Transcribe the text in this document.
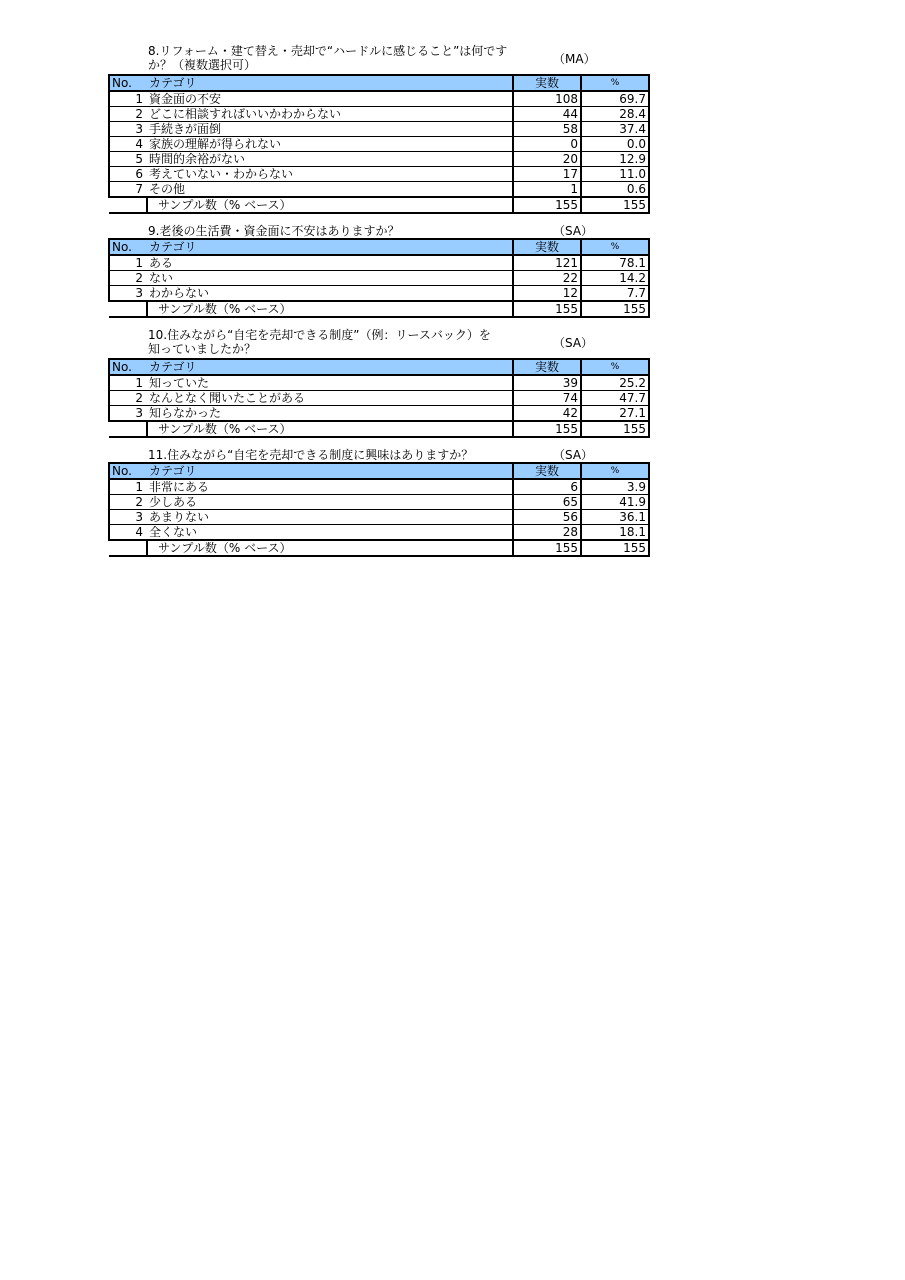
8.リフォーム・建て替え・売却で“ハードルに感じること”は何です
か？（複数選択可）	（MA）
No.	カテゴリ	実数	%
1	資金面の不安	108	69.7
2	どこに相談すればいいかわからない	44	28.4
3	手続きが面倒	58	37.4
4	家族の理解が得られない	0	0.0
5	時間的余裕がない	20	12.9
6	考えていない・わからない	17	11.0
7	その他	1	0.6
	サンプル数（% ベース）	155	155
9.老後の生活費・資金面に不安はありますか？	（SA）
No.	カテゴリ	実数	%
1	ある	121	78.1
2	ない	22	14.2
3	わからない	12	7.7
	サンプル数（% ベース）	155	155
10.住みながら“自宅を売却できる制度”（例：リースバック）を
知っていましたか？	（SA）
No.	カテゴリ	実数	%
1	知っていた	39	25.2
2	なんとなく聞いたことがある	74	47.7
3	知らなかった	42	27.1
	サンプル数（% ベース）	155	155
11.住みながら“自宅を売却できる制度に興味はありますか？	（SA）
No.	カテゴリ	実数	%
1	非常にある	6	3.9
2	少しある	65	41.9
3	あまりない	56	36.1
4	全くない	28	18.1
	サンプル数（% ベース）	155	155
